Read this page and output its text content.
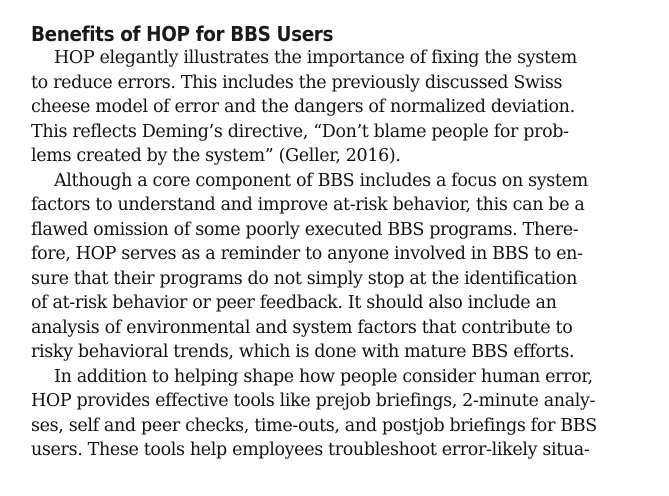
Benefits of HOP for BBS Users
HOP elegantly illustrates the importance of fixing the system
to reduce errors. This includes the previously discussed Swiss
cheese model of error and the dangers of normalized deviation.
This reflects Deming’s directive, “Don’t blame people for prob-
lems created by the system” (Geller, 2016).
Although a core component of BBS includes a focus on system
factors to understand and improve at-risk behavior, this can be a
flawed omission of some poorly executed BBS programs. There-
fore, HOP serves as a reminder to anyone involved in BBS to en-
sure that their programs do not simply stop at the identification
of at-risk behavior or peer feedback. It should also include an
analysis of environmental and system factors that contribute to
risky behavioral trends, which is done with mature BBS efforts.
In addition to helping shape how people consider human error,
HOP provides effective tools like prejob briefings, 2-minute analy-
ses, self and peer checks, time-outs, and postjob briefings for BBS
users. These tools help employees troubleshoot error-likely situa-
